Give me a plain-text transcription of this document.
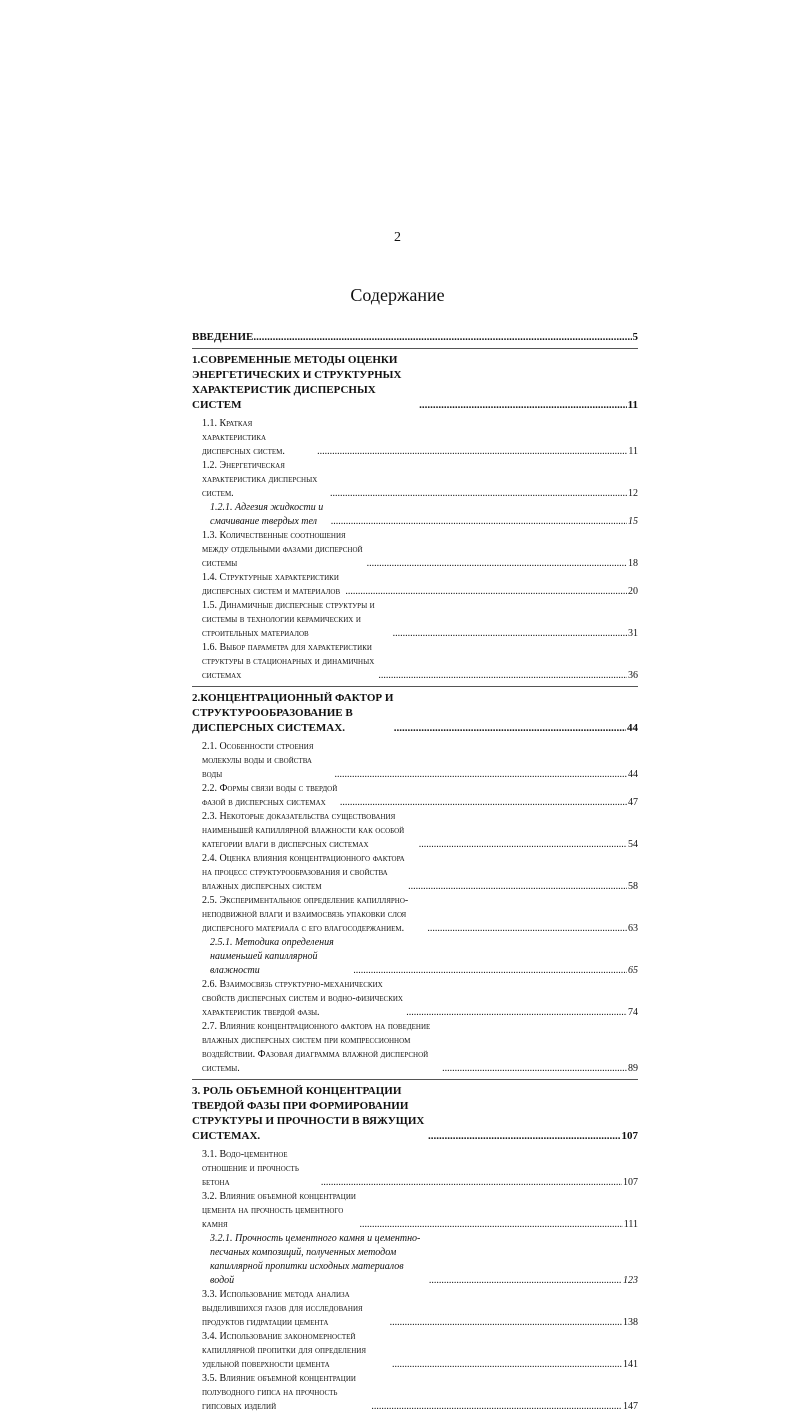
2
Содержание
ВВЕДЕНИЕ .....	5
1.СОВРЕМЕННЫЕ МЕТОДЫ ОЦЕНКИ ЭНЕРГЕТИЧЕСКИХ И СТРУКТУРНЫХ ХАРАКТЕРИСТИК ДИСПЕРСНЫХ СИСТЕМ .....	11
1.1. Краткая характеристика дисперсных систем. .....	11
1.2. Энергетическая характеристика дисперсных систем. .....	12
1.2.1. Адгезия жидкости и смачивание твердых тел .....	15
1.3. Количественные соотношения между отдельными фазами дисперсной системы .....	18
1.4. Структурные характеристики дисперсных систем и материалов .....	20
1.5. Динамичные дисперсные структуры и системы в технологии керамических и строительных материалов .....	31
1.6. Выбор параметра для характеристики структуры в стационарных и динамичных системах .....	36
2.КОНЦЕНТРАЦИОННЫЙ ФАКТОР И СТРУКТУРООБРАЗОВАНИЕ В ДИСПЕРСНЫХ СИСТЕМАХ. .....	44
2.1. Особенности строения молекулы воды и свойства воды .....	44
2.2. Формы связи воды с твердой фазой в дисперсных системах .....	47
2.3. Некоторые доказательства существования наименьшей капиллярной влажности как особой категории влаги в дисперсных системах .....	54
2.4. Оценка влияния концентрационного фактора на процесс структурообразования и свойства влажных дисперсных систем .....	58
2.5. Экспериментальное определение капиллярно-неподвижной влаги и взаимосвязь упаковки слоя дисперсного материала с его влагосодержанием. .....	63
2.5.1. Методика определения наименьшей капиллярной влажности .....	65
2.6. Взаимосвязь структурно-механических свойств дисперсных систем и водно-физических характеристик твердой фазы. .....	74
2.7. Влияние концентрационного фактора на поведение влажных дисперсных систем при компрессионном воздействии. Фазовая диаграмма влажной дисперсной системы. .....	89
3. РОЛЬ ОБЪЕМНОЙ КОНЦЕНТРАЦИИ ТВЕРДОЙ ФАЗЫ ПРИ ФОРМИРОВАНИИ СТРУКТУРЫ И ПРОЧНОСТИ В ВЯЖУЩИХ СИСТЕМАХ. .....	107
3.1. Водо-цементное отношение и прочность бетона .....	107
3.2. Влияние объемной концентрации цемента на прочность цементного камня .....	111
3.2.1. Прочность цементного камня и цементно-песчаных композиций, полученных методом капиллярной пропитки исходных материалов водой .....	123
3.3. Использование метода анализа выделившихся газов для исследования продуктов гидратации цемента .....	138
3.4. Использование закономерностей капиллярной пропитки для определения удельной поверхности цемента .....	141
3.5. Влияние объемной концентрации полуводного гипса на прочность гипсовых изделий .....	147
